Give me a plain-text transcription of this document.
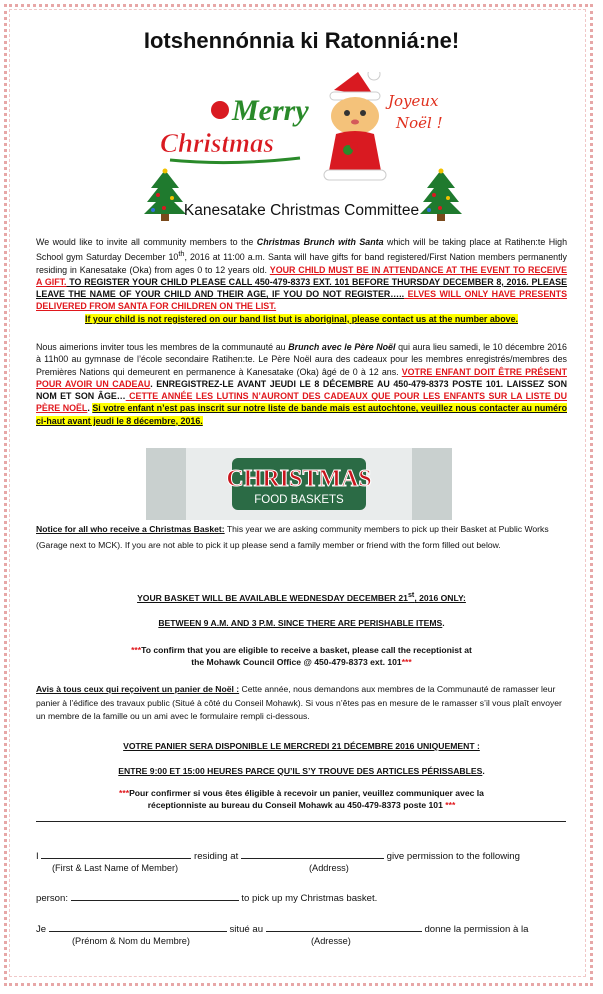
Iotshennónnia ki Ratonniá:ne!
Merry
Christmas
Joyeux
Noël !
Kanesatake Christmas Committee
We would like to invite all community members to the Christmas Brunch with Santa which will be taking place at Ratihen:te High School gym Saturday December 10th, 2016 at 11:00 a.m. Santa will have gifts for band registered/First Nation members permanently residing in Kanesatake (Oka) from ages 0 to 12 years old. YOUR CHILD MUST BE IN ATTENDANCE AT THE EVENT TO RECEIVE A GIFT. TO REGISTER YOUR CHILD PLEASE CALL 450-479-8373 EXT. 101 BEFORE THURSDAY DECEMBER 8, 2016. PLEASE LEAVE THE NAME OF YOUR CHILD AND THEIR AGE, IF YOU DO NOT REGISTER….. ELVES WILL ONLY HAVE PRESENTS DELIVERED FROM SANTA FOR CHILDREN ON THE LIST.

If your child is not registered on our band list but is aboriginal, please contact us at the number above.
Nous aimerions inviter tous les membres de la communauté au Brunch avec le Père Noël qui aura lieu samedi, le 10 décembre 2016 à 11h00 au gymnase de l’école secondaire Ratihen:te. Le Père Noël aura des cadeaux pour les membres enregistrés/membres des Premières Nations qui demeurent en permanence à Kanesatake (Oka) âgé de 0 à 12 ans. VOTRE ENFANT DOIT ÊTRE PRÉSENT POUR AVOIR UN CADEAU. ENREGISTREZ-LE AVANT JEUDI LE 8 DÉCEMBRE AU 450-479-8373 POSTE 101. LAISSEZ SON NOM ET SON ÂGE… CETTE ANNÉE LES LUTINS N’AURONT DES CADEAUX QUE POUR LES ENFANTS SUR LA LISTE DU PÈRE NOËL. Si votre enfant n’est pas inscrit sur notre liste de bande mais est autochtone, veuillez nous contacter au numéro ci-haut avant jeudi le 8 décembre, 2016.
CHRISTMAS
FOOD BASKETS
Notice for all who receive a Christmas Basket: This year we are asking community members to pick up their Basket at Public Works (Garage next to MCK). If you are not able to pick it up please send a family member or friend with the form filled out below.
YOUR BASKET WILL BE AVAILABLE WEDNESDAY DECEMBER 21st, 2016 ONLY:
BETWEEN 9 A.M. AND 3 P.M. SINCE THERE ARE PERISHABLE ITEMS.
***To confirm that you are eligible to receive a basket, please call the receptionist at
the Mohawk Council Office @ 450-479-8373 ext. 101***
Avis à tous ceux qui reçoivent un panier de Noël : Cette année, nous demandons aux membres de la Communauté de ramasser leur panier à l’édifice des travaux public (Situé à côté du Conseil Mohawk). Si vous n’êtes pas en mesure de le ramasser s’il vous plaît envoyer un membre de la famille ou un ami avec le formulaire rempli ci-dessous.
VOTRE PANIER SERA DISPONIBLE LE MERCREDI 21 DÉCEMBRE 2016 UNIQUEMENT :
ENTRE 9:00 ET 15:00 HEURES PARCE QU’IL S’Y TROUVE DES ARTICLES PÉRISSABLES.
***Pour confirmer si vous êtes éligible à recevoir un panier, veuillez communiquer avec la
réceptionniste au bureau du Conseil Mohawk au 450-479-8373 poste 101 ***
I	residing at	give permission to the following
(First & Last Name of Member)	(Address)
person:	to pick up my Christmas basket.
Je	situé au	donne la permission à la
(Prénom & Nom du Membre)	(Adresse)
